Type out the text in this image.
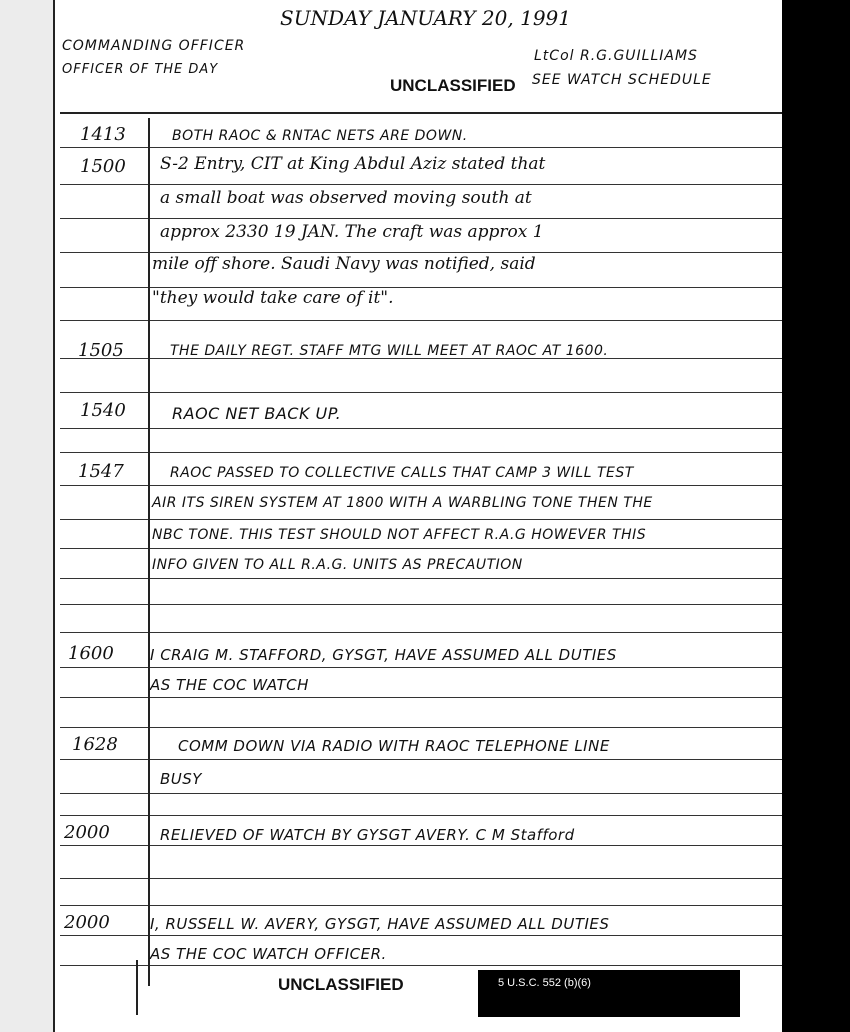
SUNDAY JANUARY 20, 1991
COMMANDING OFFICER
OFFICER OF THE DAY
LtCol R.G.GUILLIAMS
UNCLASSIFIED SEE WATCH SCHEDULE
1413	BOTH RAOC & RNTAC NETS ARE DOWN.
1500 S-2 Entry, CIT at King Abdul Aziz stated that
a small boat was observed moving south at
approx 2330 19 JAN. The craft was approx 1
mile off shore. Saudi Navy was notified, said
"they would take care of it".
1505	THE DAILY REGT. STAFF MTG WILL MEET AT RAOC AT 1600.
1540	RAOC NET BACK UP.
1547	RAOC PASSED TO COLLECTIVE CALLS THAT CAMP 3 WILL TEST
AIR ITS SIREN SYSTEM AT 1800 WITH A WARBLING TONE THEN THE
NBC TONE. THIS TEST SHOULD NOT AFFECT R.A.G HOWEVER THIS
INFO GIVEN TO ALL R.A.G. UNITS AS PRECAUTION
1600 I CRAIG M. STAFFORD, GYSGT, HAVE ASSUMED ALL DUTIES
AS THE COC WATCH
1628	COMM DOWN VIA RADIO WITH RAOC TELEPHONE LINE
BUSY
2000	RELIEVED OF WATCH BY GYSGT AVERY. C M Stafford
2000	I, RUSSELL W. AVERY, GYSGT, HAVE ASSUMED ALL DUTIES
AS THE COC WATCH OFFICER.
UNCLASSIFIED	5 U.S.C. 552 (b)(6)
